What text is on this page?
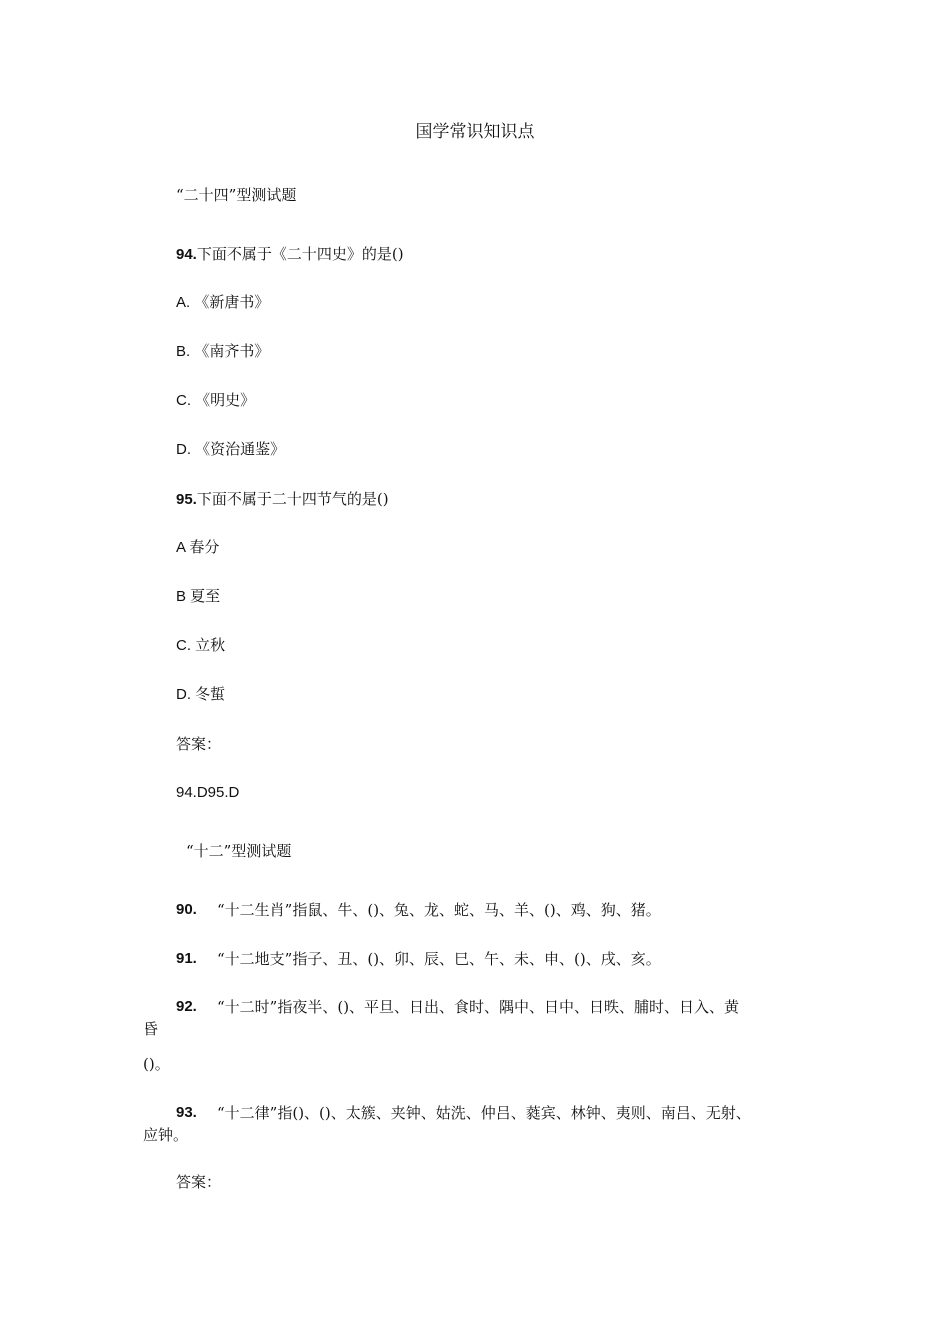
国学常识知识点
“二十四”型测试题
94.下面不属于《二十四史》的是()
A. 《新唐书》
B. 《南齐书》
C. 《明史》
D. 《资治通鉴》
95.下面不属于二十四节气的是()
A 春分
B 夏至
C. 立秋
D. 冬蜇
答案：
94.D95.D
“十二”型测试题
90. “十二生肖”指鼠、牛、()、兔、龙、蛇、马、羊、()、鸡、狗、猪。
91. “十二地支”指子、丑、()、卯、辰、巳、午、未、申、()、戌、亥。
92. “十二时”指夜半、()、平旦、日出、食时、隅中、日中、日昳、脯时、日入、黄
昏
()。
93. “十二律”指()、()、太簇、夹钟、姑洗、仲吕、蕤宾、林钟、夷则、南吕、无射、
应钟。
答案：
